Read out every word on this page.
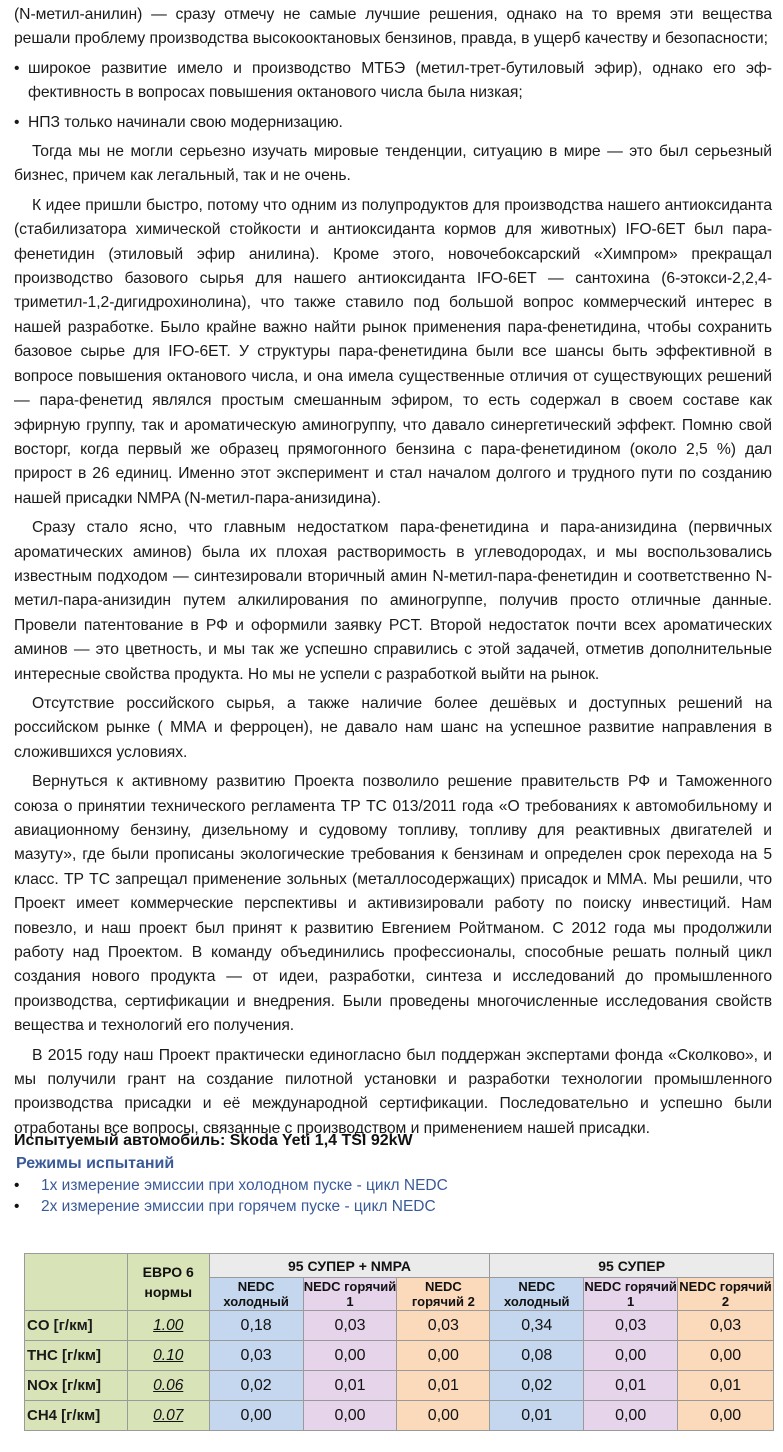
(N-метил-анилин) — сразу отмечу не самые лучшие решения, однако на то время эти вещества решали проблему производства высокооктановых бензинов, правда, в ущерб качеству и безопасности;

• широкое развитие имело и производство МТБЭ (метил-трет-бутиловый эфир), однако его эффективность в вопросах повышения октанового числа была низкая;

• НПЗ только начинали свою модернизацию.

Тогда мы не могли серьезно изучать мировые тенденции, ситуацию в мире — это был серьезный бизнес, причем как легальный, так и не очень.

К идее пришли быстро, потому что одним из полупродуктов для производства нашего антиоксиданта (стабилизатора химической стойкости и антиоксиданта кормов для животных) IFO-6ET был пара-фенетидин (этиловый эфир анилина). Кроме этого, новочебоксарский «Химпром» прекращал производство базового сырья для нашего антиоксиданта IFO-6ET — сантохина (6-этокси-2,2,4-триметил-1,2-дигидрохинолина), что также ставило под большой вопрос коммерческий интерес в нашей разработке. Было крайне важно найти рынок применения пара-фенетидина, чтобы сохранить базовое сырье для IFO-6ET. У структуры пара-фенетидина были все шансы быть эффективной в вопросе повышения октанового числа, и она имела существенные отличия от существующих решений — пара-фенетид являлся простым смешанным эфиром, то есть содержал в своем составе как эфирную группу, так и ароматическую аминогруппу, что давало синергетический эффект. Помню свой восторг, когда первый же образец прямогонного бензина с пара-фенетидином (около 2,5 %) дал прирост в 26 единиц. Именно этот эксперимент и стал началом долгого и трудного пути по созданию нашей присадки NMPA (N-метил-пара-анизидина).

Сразу стало ясно, что главным недостатком пара-фенетидина и пара-анизидина (первичных ароматических аминов) была их плохая растворимость в углеводородах, и мы воспользовались известным подходом — синтезировали вторичный амин N-метил-пара-фенетидин и соответственно N-метил-пара-анизидин путем алкилирования по аминогруппе, получив просто отличные данные. Провели патентование в РФ и оформили заявку PCT. Второй недостаток почти всех ароматических аминов — это цветность, и мы так же успешно справились с этой задачей, отметив дополнительные интересные свойства продукта. Но мы не успели с разработкой выйти на рынок.

Отсутствие российского сырья, а также наличие более дешёвых и доступных решений на российском рынке ( ММА и ферроцен), не давало нам шанс на успешное развитие направления в сложившихся условиях.

Вернуться к активному развитию Проекта позволило решение правительств РФ и Таможенного союза о принятии технического регламента ТР ТС 013/2011 года «О требованиях к автомобильному и авиационному бензину, дизельному и судовому топливу, топливу для реактивных двигателей и мазуту», где были прописаны экологические требования к бензинам и определен срок перехода на 5 класс. ТР ТС запрещал применение зольных (металлосодержащих) присадок и ММА. Мы решили, что Проект имеет коммерческие перспективы и активизировали работу по поиску инвестиций. Нам повезло, и наш проект был принят к развитию Евгением Ройтманом. С 2012 года мы продолжили работу над Проектом. В команду объединились профессионалы, способные решать полный цикл создания нового продукта — от идеи, разработки, синтеза и исследований до промышленного производства, сертификации и внедрения. Были проведены многочисленные исследования свойств вещества и технологий его получения.

В 2015 году наш Проект практически единогласно был поддержан экспертами фонда «Сколково», и мы получили грант на создание пилотной установки и разработки технологии промышленного производства присадки и её международной сертификации. Последовательно и успешно были отработаны все вопросы, связанные с производством и применением нашей присадки.

Испытуемый автомобиль: Skoda Yeti 1,4 TSI 92kW
Режимы испытаний
• 1x измерение эмиссии при холодном пуске - цикл NEDC
• 2x измерение эмиссии при горячем пуске - цикл NEDC
	ЕВРО 6 нормы	95 СУПЕР + NMPA			95 СУПЕР		
		NEDC холодный	NEDC горячий 1	NEDC горячий 2	NEDC холодный	NEDC горячий 1	NEDC горячий 2
CO [г/км]	1.00	0,18	0,03	0,03	0,34	0,03	0,03
THC [г/км]	0.10	0,03	0,00	0,00	0,08	0,00	0,00
NOx [г/км]	0.06	0,02	0,01	0,01	0,02	0,01	0,01
CH4 [г/км]	0.07	0,00	0,00	0,00	0,01	0,00	0,00
